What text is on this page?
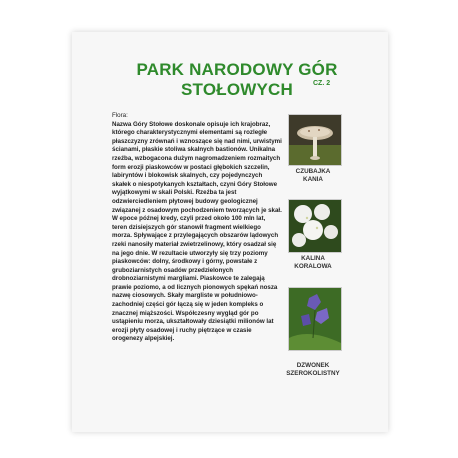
PARK NARODOWY GÓR
STOŁOWYCH	CZ. 2
Flora:
Nazwa Góry Stołowe doskonale opisuje ich krajobraz, którego charakterystycznymi elementami są rozległe płaszczyzny zrównań i wznoszące się nad nimi, urwistymi ścianami, płaskie stoliwa skalnych bastionów. Unikalna rzeźba, wzbogacona dużym nagromadzeniem rozmaitych form erozji piaskowców w postaci głębokich szczelin, labiryntów i blokowisk skalnych, czy pojedynczych skałek o niespotykanych kształtach, czyni Góry Stołowe wyjątkowymi w skali Polski. Rzeźba ta jest odzwierciedleniem płytowej budowy geologicznej związanej z osadowym pochodzeniem tworzących je skał. W epoce późnej kredy, czyli przed około 100 mln lat, teren dzisiejszych gór stanowił fragment wielkiego morza. Spływające z przylegających obszarów lądowych rzeki nanosiły materiał zwietrzelinowy, który osadzał się na jego dnie. W rezultacie utworzyły się trzy poziomy piaskowców: dolny, środkowy i górny, powstałe z gruboziarnistych osadów przedzielonych drobnoziarnistymi margliami. Piaskowce te zalegają prawie poziomo, a od licznych pionowych spękań nosza nazwę ciosowych. Skały margliste w południowo-zachodniej części gór łączą się w jeden kompleks o znacznej miąższości. Współczesny wygląd gór po ustąpieniu morza, ukształtowały dziesiątki milionów lat erozji płyty osadowej i ruchy piętrzące w czasie orogenezy alpejskiej.
CZUBAJKA
KANIA
KALINA
KORALOWA
DZWONEK
SZEROKOLISTNY
